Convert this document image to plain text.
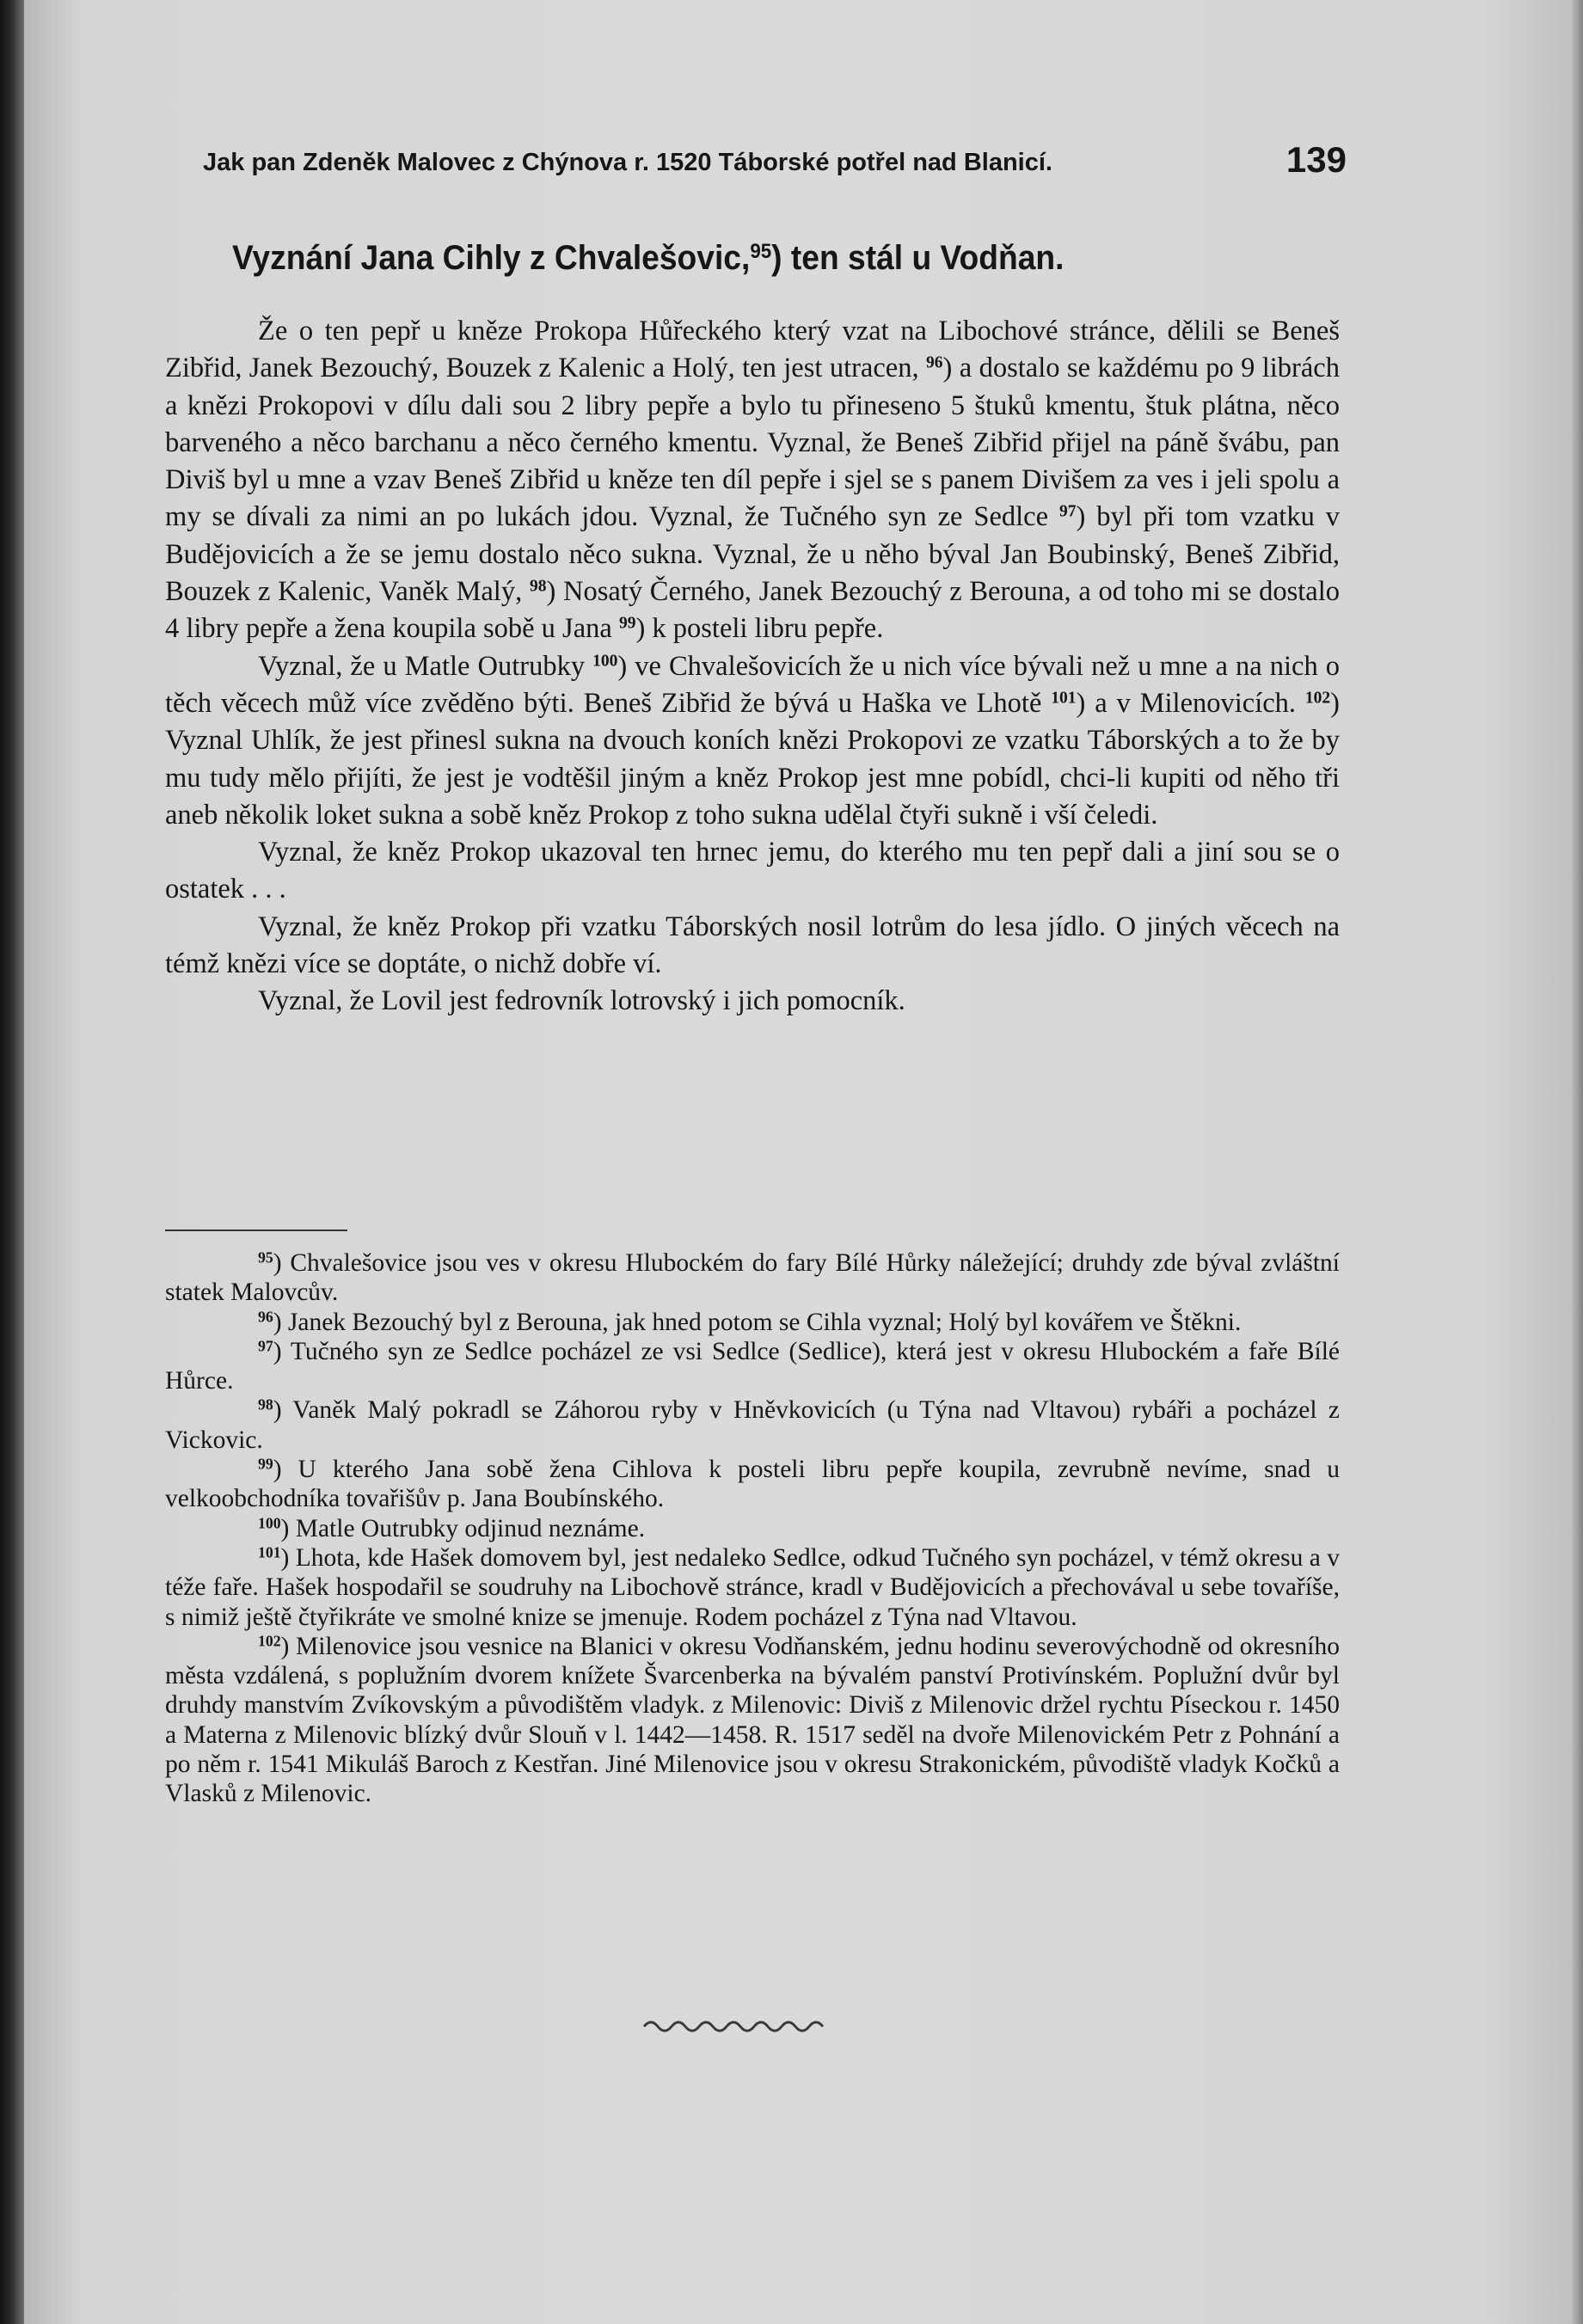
Jak pan Zdeněk Malovec z Chýnova r. 1520 Táborské potřel nad Blanicí.	139
Vyznání Jana Cihly z Chvalešovic,$^{95}$) ten stál u Vodňan.

Že o ten pepř u kněze Prokopa Hůřeckého který vzat na Libochové stránce, dělili se Beneš Zibřid, Janek Bezouchý, Bouzek z Kalenic a Holý, ten jest utracen, $^{96}$) a dostalo se každému po 9 librách a knězi Prokopovi v dílu dali sou 2 libry pepře a bylo tu přineseno 5 štuků kmentu, štuk plátna, něco barveného a něco barchanu a něco černého kmentu. Vyznal, že Beneš Zibřid přijel na páně švábu, pan Diviš byl u mne a vzav Beneš Zibřid u kněze ten díl pepře i sjel se s panem Divišem za ves i jeli spolu a my se dívali za nimi an po lukách jdou. Vyznal, že Tučného syn ze Sedlce $^{97}$) byl při tom vzatku v Budějovicích a že se jemu dostalo něco sukna. Vyznal, že u něho býval Jan Boubinský, Beneš Zibřid, Bouzek z Kalenic, Vaněk Malý, $^{98}$) Nosatý Černého, Janek Bezouchý z Berouna, a od toho mi se dostalo 4 libry pepře a žena koupila sobě u Jana $^{99}$) k posteli libru pepře.

Vyznal, že u Matle Outrubky $^{100}$) ve Chvalešovicích že u nich více bývali než u mne a na nich o těch věcech můž více zvěděno býti. Beneš Zibřid že bývá u Haška ve Lhotě $^{101}$) a v Milenovicích. $^{102}$) Vyznal Uhlík, že jest přinesl sukna na dvouch koních knězi Prokopovi ze vzatku Táborských a to že by mu tudy mělo přijíti, že jest je vodtěšil jiným a kněz Prokop jest mne pobídl, chci-li kupiti od něho tři aneb několik loket sukna a sobě kněz Prokop z toho sukna udělal čtyři sukně i vší čeledi.

Vyznal, že kněz Prokop ukazoval ten hrnec jemu, do kterého mu ten pepř dali a jiní sou se o ostatek . . .

Vyznal, že kněz Prokop při vzatku Táborských nosil lotrům do lesa jídlo. O jiných věcech na témž knězi více se doptáte, o nichž dobře ví.

Vyznal, že Lovil jest fedrovník lotrovský i jich pomocník.

$^{95}$) Chvalešovice jsou ves v okresu Hlubockém do fary Bílé Hůrky náležející; druhdy zde býval zvláštní statek Malovcův.

$^{96}$) Janek Bezouchý byl z Berouna, jak hned potom se Cihla vyznal; Holý byl kovářem ve Štěkni.

$^{97}$) Tučného syn ze Sedlce pocházel ze vsi Sedlce (Sedlice), která jest v okresu Hlubockém a faře Bílé Hůrce.

$^{98}$) Vaněk Malý pokradl se Záhorou ryby v Hněvkovicích (u Týna nad Vltavou) rybáři a pocházel z Vickovic.

$^{99}$) U kterého Jana sobě žena Cihlova k posteli libru pepře koupila, zevrubně nevíme, snad u velkoobchodníka tovařišův p. Jana Boubínského.

$^{100}$) Matle Outrubky odjinud neznáme.

$^{101}$) Lhota, kde Hašek domovem byl, jest nedaleko Sedlce, odkud Tučného syn pocházel, v témž okresu a v téže faře. Hašek hospodařil se soudruhy na Libochově stránce, kradl v Budějovicích a přechovával u sebe tovaříše, s nimiž ještě čtyřikráte ve smolné knize se jmenuje. Rodem pocházel z Týna nad Vltavou.

$^{102}$) Milenovice jsou vesnice na Blanici v okresu Vodňanském, jednu hodinu severovýchodně od okresního města vzdálená, s poplužním dvorem knížete Švarcenberka na bývalém panství Protivínském. Poplužní dvůr byl druhdy manstvím Zvíkovským a původištěm vladyk. z Milenovic: Diviš z Milenovic držel rychtu Píseckou r. 1450 a Materna z Milenovic blízký dvůr Slouň v l. 1442—1458. R. 1517 seděl na dvoře Milenovickém Petr z Pohnání a po něm r. 1541 Mikuláš Baroch z Kestřan. Jiné Milenovice jsou v okresu Strakonickém, původiště vladyk Kočků a Vlasků z Milenovic.
